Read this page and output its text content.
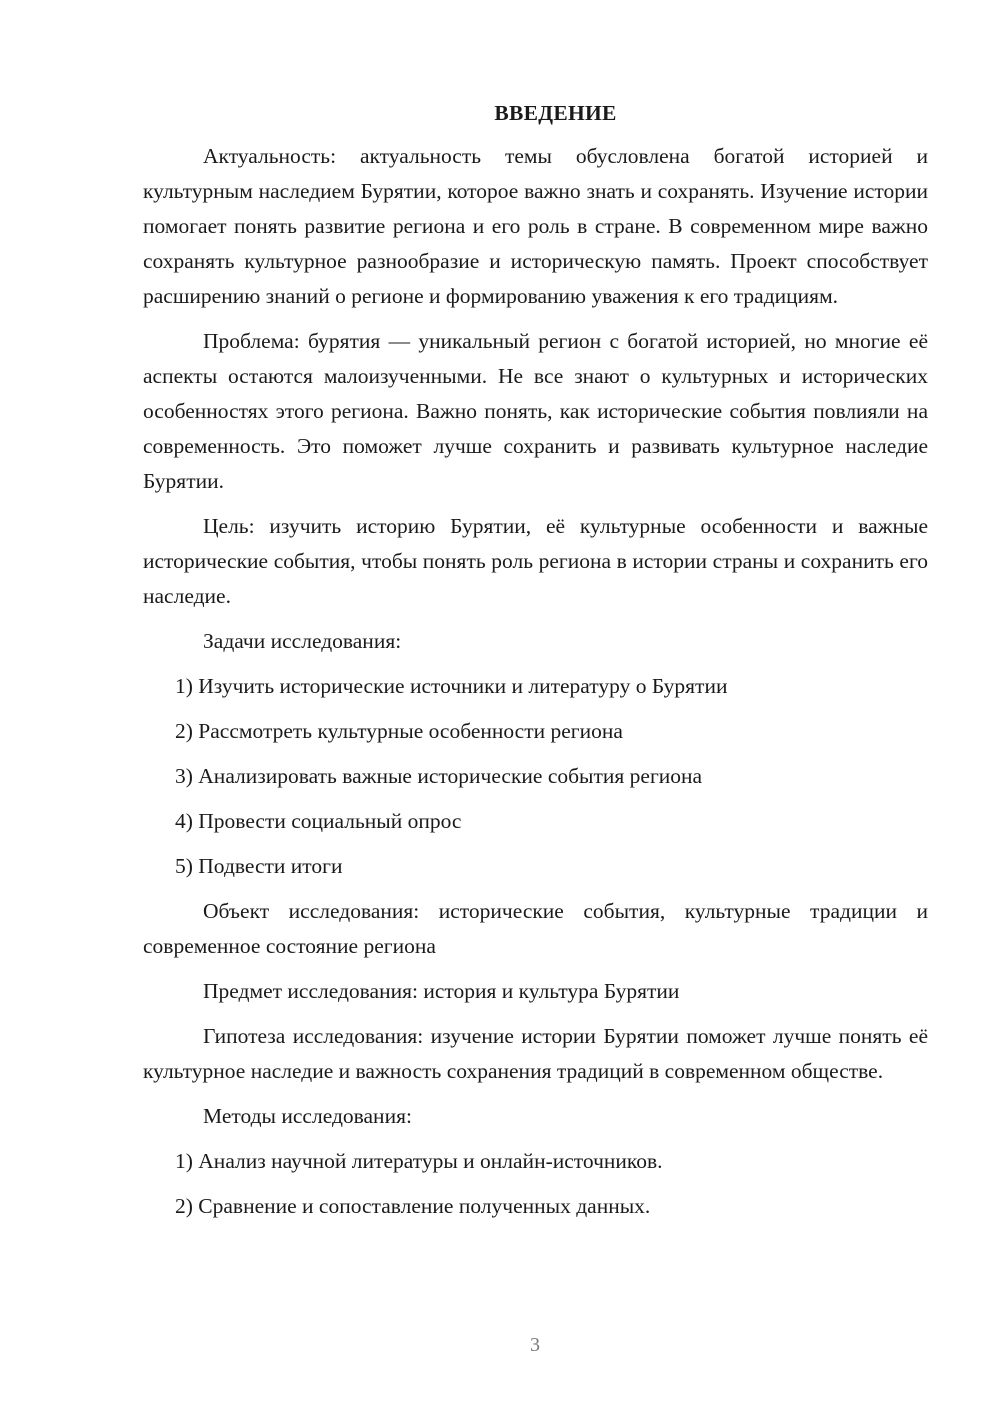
ВВЕДЕНИЕ

Актуальность: актуальность темы обусловлена богатой историей и культурным наследием Бурятии, которое важно знать и сохранять. Изучение истории помогает понять развитие региона и его роль в стране. В современном мире важно сохранять культурное разнообразие и историческую память. Проект способствует расширению знаний о регионе и формированию уважения к его традициям.

Проблема: бурятия — уникальный регион с богатой историей, но многие её аспекты остаются малоизученными. Не все знают о культурных и исторических особенностях этого региона. Важно понять, как исторические события повлияли на современность. Это поможет лучше сохранить и развивать культурное наследие Бурятии.

Цель: изучить историю Бурятии, её культурные особенности и важные исторические события, чтобы понять роль региона в истории страны и сохранить его наследие.

Задачи исследования:
1) Изучить исторические источники и литературу о Бурятии
2) Рассмотреть культурные особенности региона
3) Анализировать важные исторические события региона
4) Провести социальный опрос
5) Подвести итоги

Объект исследования: исторические события, культурные традиции и современное состояние региона

Предмет исследования: история и культура Бурятии

Гипотеза исследования: изучение истории Бурятии поможет лучше понять её культурное наследие и важность сохранения традиций в современном обществе.

Методы исследования:
1) Анализ научной литературы и онлайн-источников.
2) Сравнение и сопоставление полученных данных.
3
